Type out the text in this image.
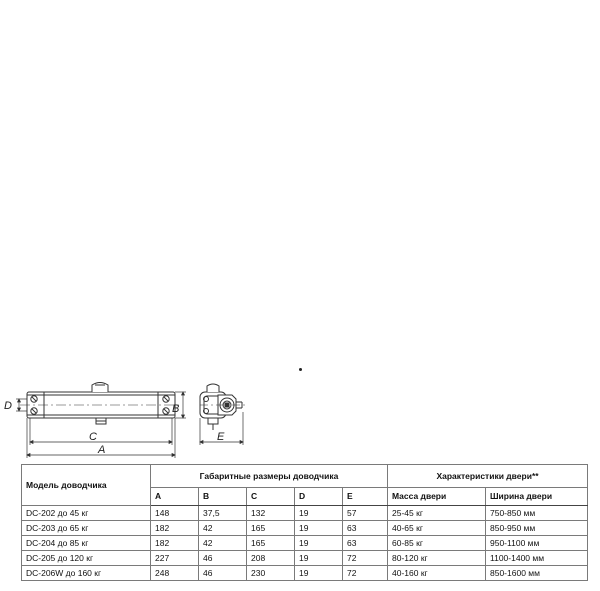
D	B
C
A
E
Модель доводчика	Габаритные размеры доводчика					Характеристики двери**	
	A	B	C	D	E	Масса двери	Ширина двери
DC-202 до 45 кг	148	37,5	132	19	57	25-45 кг	750-850 мм
DC-203 до 65 кг	182	42	165	19	63	40-65 кг	850-950 мм
DC-204 до 85 кг	182	42	165	19	63	60-85 кг	950-1100 мм
DC-205 до 120 кг	227	46	208	19	72	80-120 кг	1100-1400 мм
DC-206W до 160 кг	248	46	230	19	72	40-160 кг	850-1600 мм
